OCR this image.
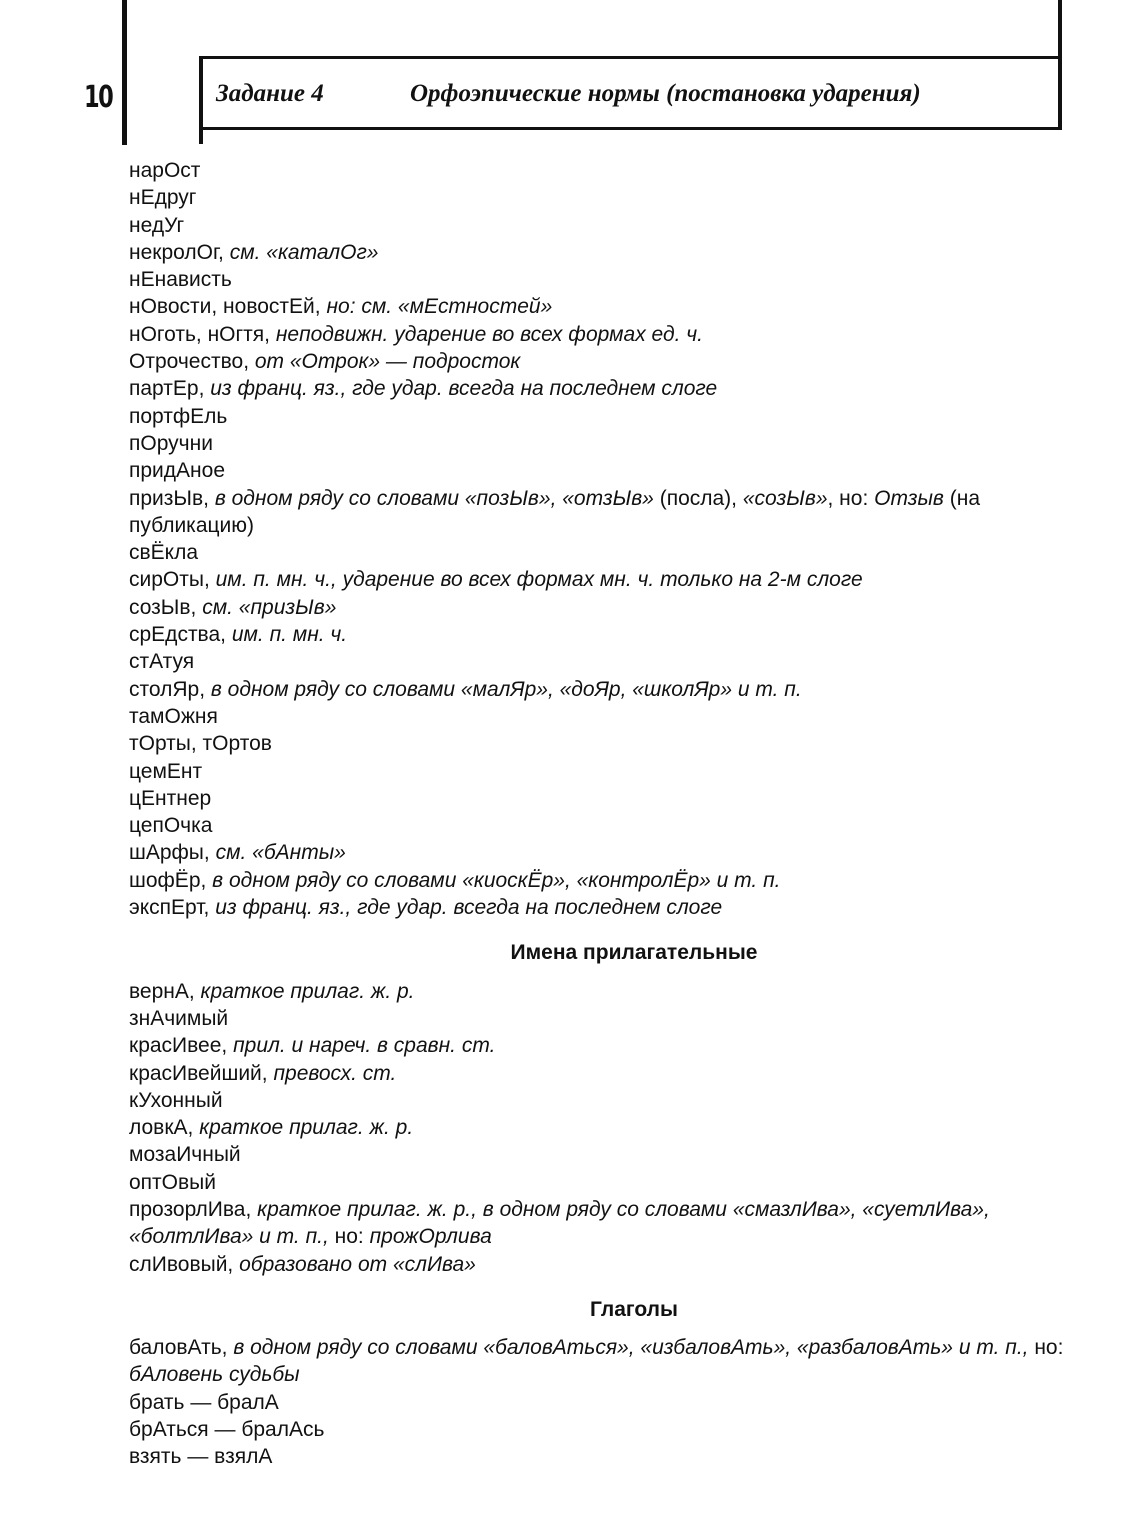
10	Задание 4	Орфоэпические нормы (постановка ударения)
нарОст
нЕдруг
недУг
некролОг, см. «каталОг»
нЕнависть
нОвости, новостЕй, но: см. «мЕстностей»
нОготь, нОгтя, неподвижн. ударение во всех формах ед. ч.
Отрочество, от «Отрок» — подросток
партЕр, из франц. яз., где удар. всегда на последнем слоге
портфЕль
пОручни
придАное
призЫв, в одном ряду со словами «позЫв», «отзЫв» (посла), «созЫв», но: Отзыв (на публикацию)
свЁкла
сирОты, им. п. мн. ч., ударение во всех формах мн. ч. только на 2-м слоге
созЫв, см. «призЫв»
срЕдства, им. п. мн. ч.
стАтуя
столЯр, в одном ряду со словами «малЯр», «доЯр, «школЯр» и т. п.
тамОжня
тОрты, тОртов
цемЕнт
цЕнтнер
цепОчка
шАрфы, см. «бАнты»
шофЁр, в одном ряду со словами «киоскЁр», «контролЁр» и т. п.
экспЕрт, из франц. яз., где удар. всегда на последнем слоге
Имена прилагательные
вернА, краткое прилаг. ж. р.
знАчимый
красИвее, прил. и нареч. в сравн. ст.
красИвейший, превосх. ст.
кУхонный
ловкА, краткое прилаг. ж. р.
мозаИчный
оптОвый
прозорлИва, краткое прилаг. ж. р., в одном ряду со словами «смазлИва», «суетлИва», «болтлИва» и т. п., но: прожОрлива
слИвовый, образовано от «слИва»
Глаголы
баловАть, в одном ряду со словами «баловАться», «избаловАть», «разбаловАть» и т. п., но: бАловень судьбы
брать — бралА
брАться — бралАсь
взять — взялА
